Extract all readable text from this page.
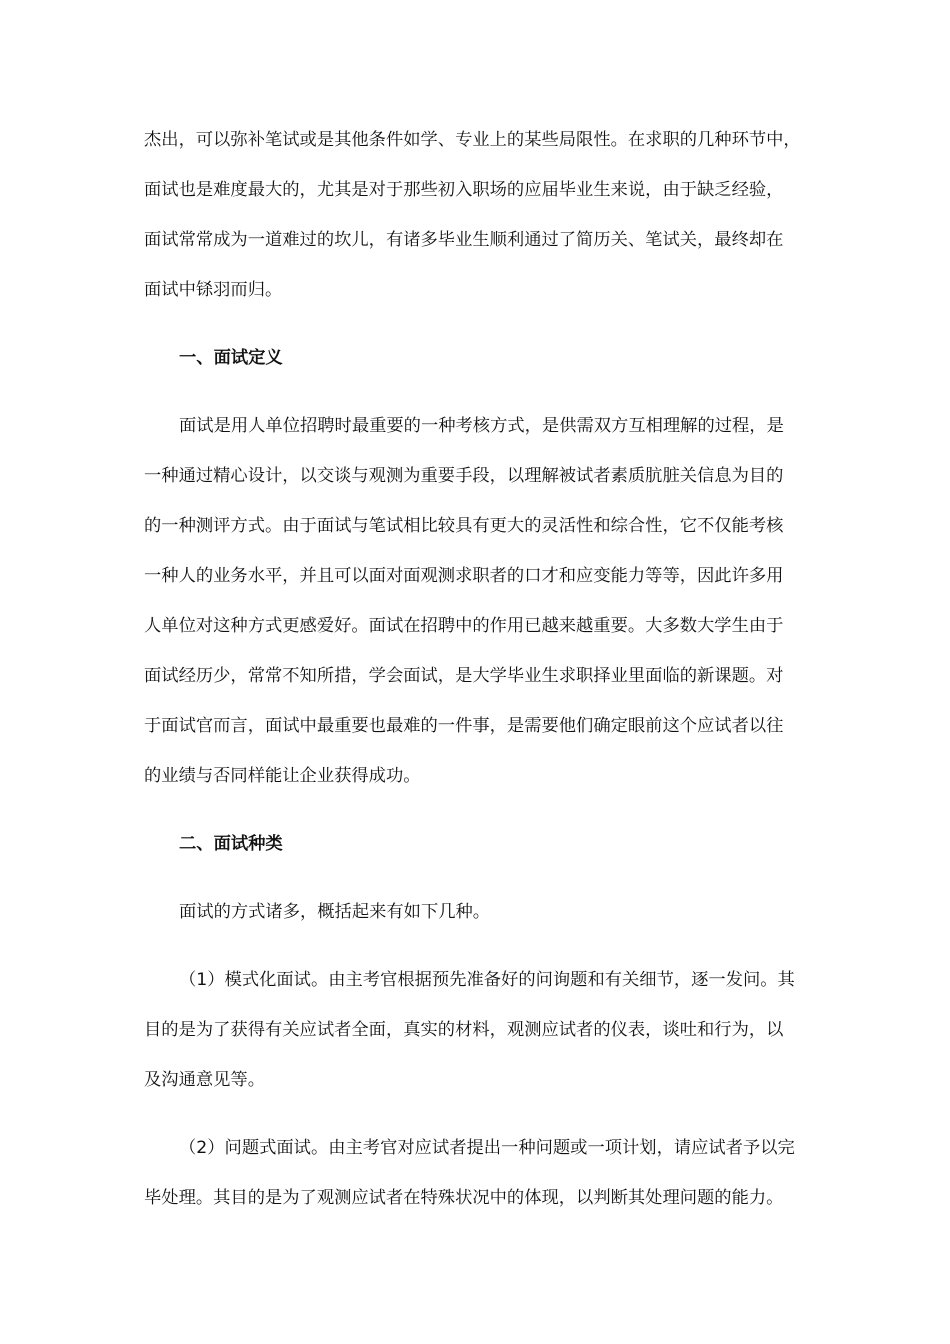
杰出，可以弥补笔试或是其他条件如学、专业上的某些局限性。在求职的几种环节中，
面试也是难度最大的，尤其是对于那些初入职场的应届毕业生来说，由于缺乏经验，
面试常常成为一道难过的坎儿，有诸多毕业生顺利通过了简历关、笔试关，最终却在
面试中铩羽而归。
一、面试定义
面试是用人单位招聘时最重要的一种考核方式，是供需双方互相理解的过程，是
一种通过精心设计，以交谈与观测为重要手段，以理解被试者素质肮脏关信息为目的
的一种测评方式。由于面试与笔试相比较具有更大的灵活性和综合性，它不仅能考核
一种人的业务水平，并且可以面对面观测求职者的口才和应变能力等等，因此许多用
人单位对这种方式更感爱好。面试在招聘中的作用已越来越重要。大多数大学生由于
面试经历少，常常不知所措，学会面试，是大学毕业生求职择业里面临的新课题。对
于面试官而言，面试中最重要也最难的一件事，是需要他们确定眼前这个应试者以往
的业绩与否同样能让企业获得成功。
二、面试种类
面试的方式诸多，概括起来有如下几种。
（1）模式化面试。由主考官根据预先准备好的问询题和有关细节，逐一发问。其
目的是为了获得有关应试者全面，真实的材料，观测应试者的仪表，谈吐和行为，以
及沟通意见等。
（2）问题式面试。由主考官对应试者提出一种问题或一项计划，请应试者予以完
毕处理。其目的是为了观测应试者在特殊状况中的体现，以判断其处理问题的能力。
